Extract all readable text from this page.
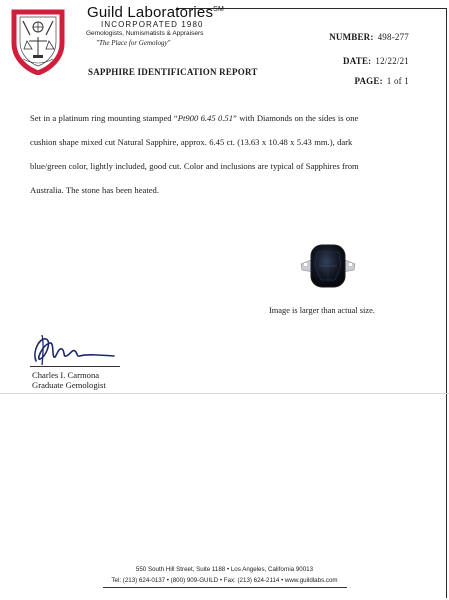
Guild Laboratories℠
INCORPORATED 1980
Gemologists, Numismatists & Appraisers
"The Place for Gemology"
NUMBER: 498-277
DATE: 12/22/21
PAGE: 1 of 1
SAPPHIRE IDENTIFICATION REPORT
Set in a platinum ring mounting stamped “Pt900 6.45 0.51” with Diamonds on the sides is one
cushion shape mixed cut Natural Sapphire, approx. 6.45 ct. (13.63 x 10.48 x 5.43 mm.), dark
blue/green color, lightly included, good cut. Color and inclusions are typical of Sapphires from
Australia. The stone has been heated.
Image is larger than actual size.
Charles I. Carmona
Graduate Gemologist
550 South Hill Street, Suite 1188 • Los Angeles, California 90013
Tel: (213) 624-0137 • (800) 909-GUILD • Fax: (213) 624-2114 • www.guildlabs.com
